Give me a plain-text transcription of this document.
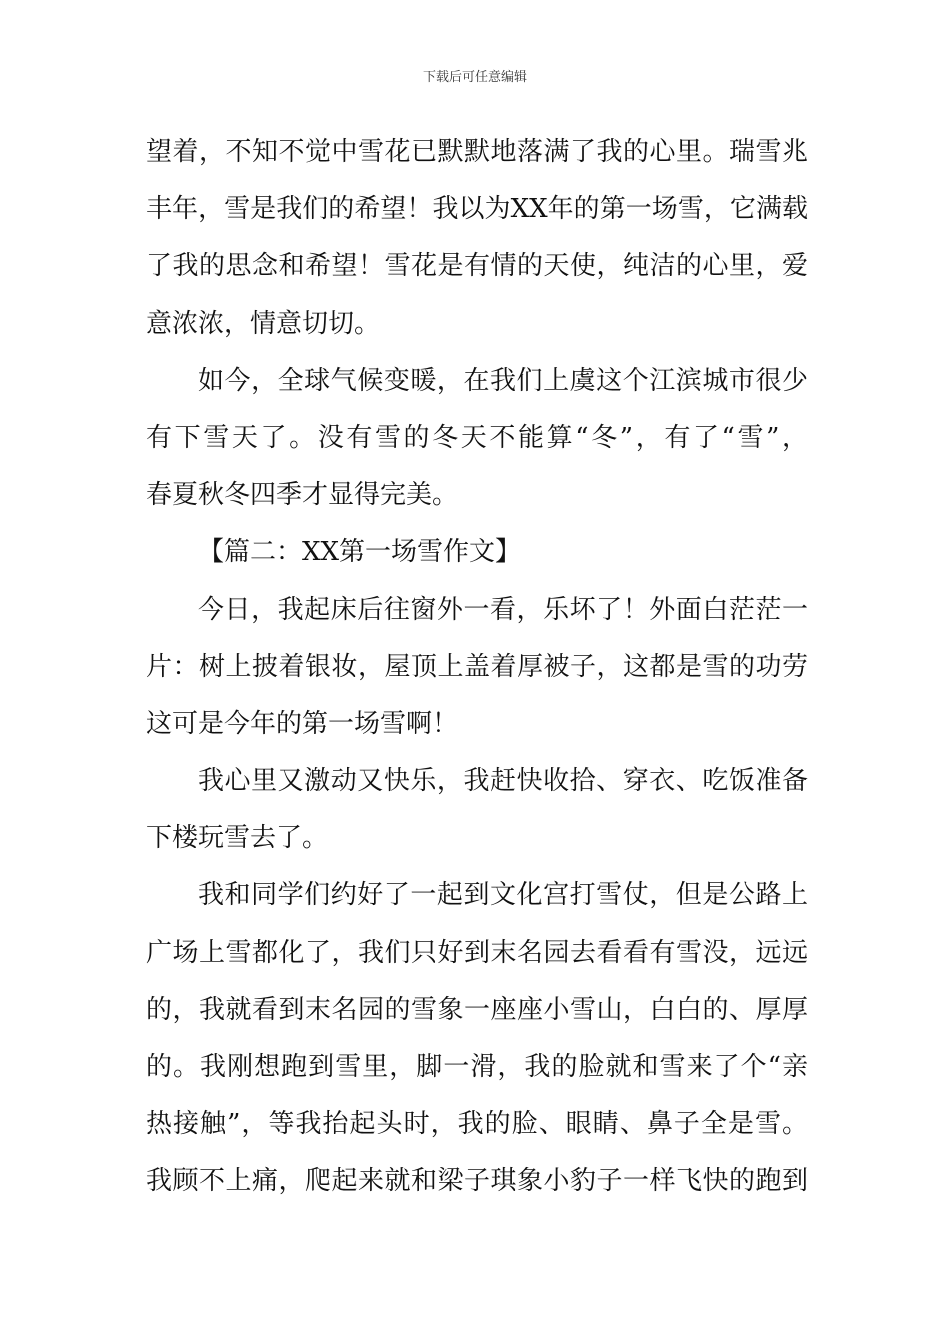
下载后可任意编辑
望着，不知不觉中雪花已默默地落满了我的心里。瑞雪兆
丰年，雪是我们的希望！我以为XX年的第一场雪，它满载
了我的思念和希望！雪花是有情的天使，纯洁的心里，爱
意浓浓，情意切切。
如今，全球气候变暖，在我们上虞这个江滨城市很少
有下雪天了。没有雪的冬天不能算“冬”，有了“雪”，
春夏秋冬四季才显得完美。
【篇二：XX第一场雪作文】
今日，我起床后往窗外一看，乐坏了！外面白茫茫一
片：树上披着银妆，屋顶上盖着厚被子，这都是雪的功劳
这可是今年的第一场雪啊！
我心里又激动又快乐，我赶快收拾、穿衣、吃饭准备
下楼玩雪去了。
我和同学们约好了一起到文化宫打雪仗，但是公路上
广场上雪都化了，我们只好到末名园去看看有雪没，远远
的，我就看到末名园的雪象一座座小雪山，白白的、厚厚
的。我刚想跑到雪里，脚一滑，我的脸就和雪来了个“亲
热接触”，等我抬起头时，我的脸、眼睛、鼻子全是雪。
我顾不上痛，爬起来就和梁子琪象小豹子一样飞快的跑到
